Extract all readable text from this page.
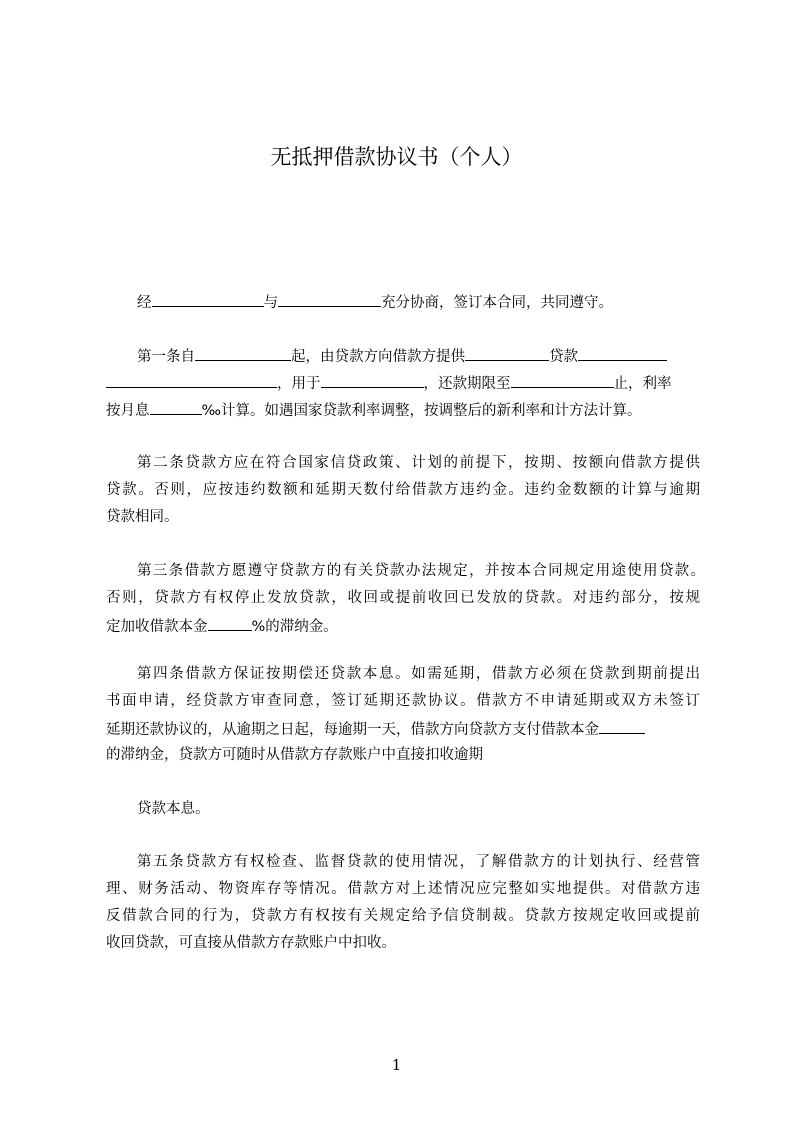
无抵押借款协议书（个人）
经	与	充分协商，签订本合同，共同遵守。
第一条自	起，由贷款方向借款方提供	贷款
，用于	，还款期限至	止，利率
按月息	‰计算。如遇国家贷款利率调整，按调整后的新利率和计方法计算。
第二条贷款方应在符合国家信贷政策、计划的前提下，按期、按额向借款方提供
贷款。否则，应按违约数额和延期天数付给借款方违约金。违约金数额的计算与逾期
贷款相同。
第三条借款方愿遵守贷款方的有关贷款办法规定，并按本合同规定用途使用贷款。
否则，贷款方有权停止发放贷款，收回或提前收回已发放的贷款。对违约部分，按规
定加收借款本金	%的滞纳金。
第四条借款方保证按期偿还贷款本息。如需延期，借款方必须在贷款到期前提出
书面申请，经贷款方审查同意，签订延期还款协议。借款方不申请延期或双方未签订
延期还款协议的，从逾期之日起，每逾期一天，借款方向贷款方支付借款本金
的滞纳金，贷款方可随时从借款方存款账户中直接扣收逾期
贷款本息。
第五条贷款方有权检查、监督贷款的使用情况，了解借款方的计划执行、经营管
理、财务活动、物资库存等情况。借款方对上述情况应完整如实地提供。对借款方违
反借款合同的行为，贷款方有权按有关规定给予信贷制裁。贷款方按规定收回或提前
收回贷款，可直接从借款方存款账户中扣收。
1
